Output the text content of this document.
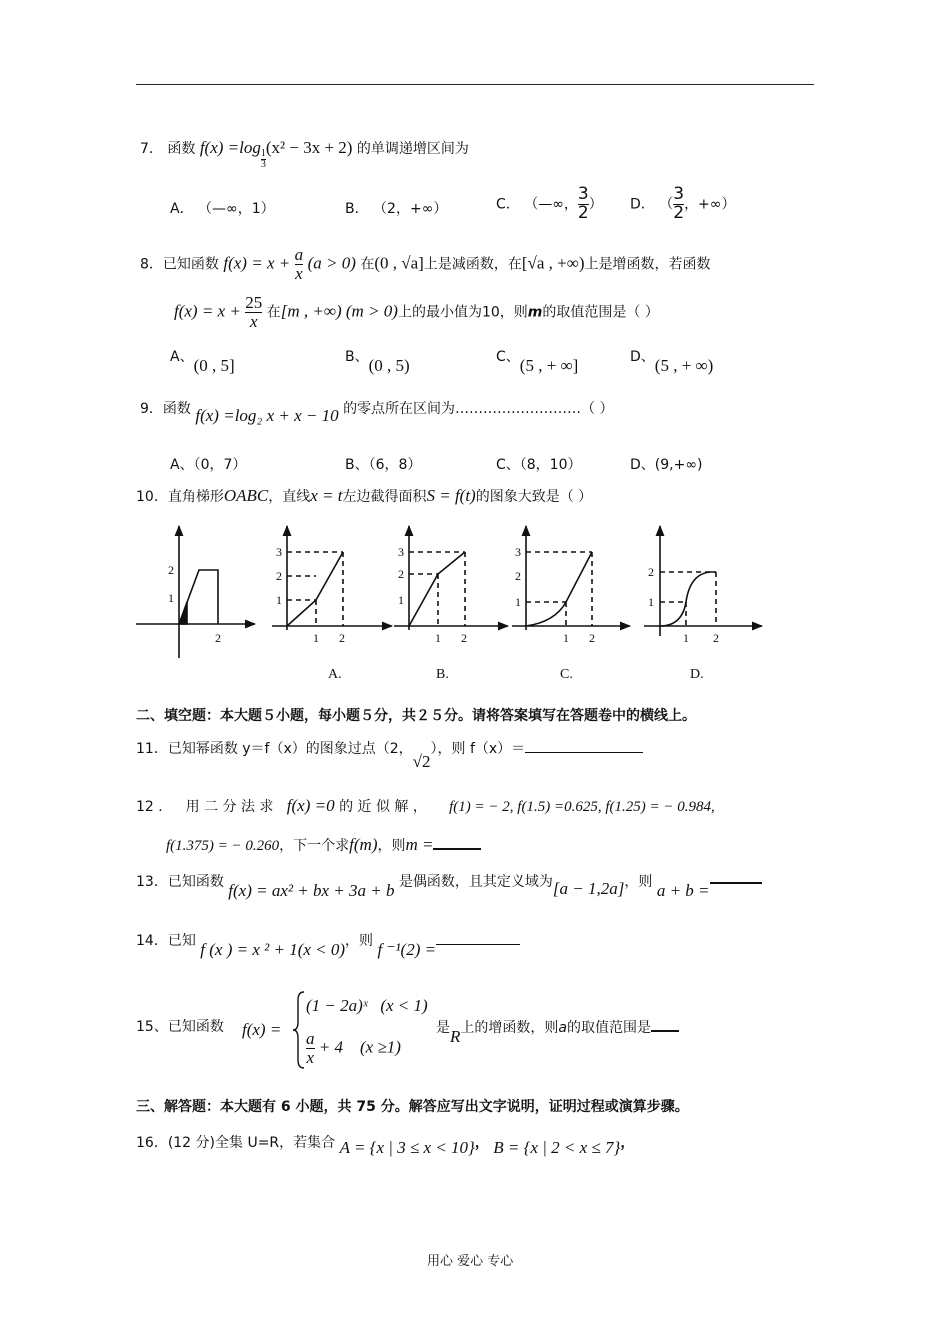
7． 函数 f(x) =log
$\frac{1}{3}$
(x² − 3x + 2) 的单调递增区间为
A． （—∞，1）	B． （2，+∞）	C． （—∞， $\frac{3}{2}$ ） D． （ $\frac{3}{2}$ ，+∞）
8．已知函数 $f(x) = x + \frac{a}{x} (a > 0)$ 在(0 , √a]上是减函数，在[√a , +∞)上是增函数，若函数
$f(x) = x + \frac{25}{x}$ 在[m , +∞) (m > 0)上的最小值为10，则m的取值范围是（ ）
A、(0 , 5]	B、(0 , 5)	C、(5 , + ∞]	D、(5 , + ∞)
9．函数 f(x) =log₂ x + x − 10 的零点所在区间为………………………（ ）
A、（0，7）	B、（6，8）	C、（8，10）	D、(9,+∞)
10．直角梯形OABC，直线x = t左边截得面积S = f(t)的图象大致是（ ）
2
1
2
3
2
1
1 2
A.
3
2
1
1 2
B.
3
2
1
1 2
C.
2
1
1 2
D.
二、填空题：本大题５小题，每小题５分，共２５分。请将答案填写在答题卷中的横线上。
11．已知幂函数 y＝f（x）的图象过点（2，√2），则 f（x）＝
12 ． 用 二 分 法 求 f(x) =0 的 近 似 解 ， f(1) = − 2, f(1.5) =0.625, f(1.25) = − 0.984,
f(1.375) = − 0.260，下一个求f(m)，则m =
13．已知函数 f(x) = ax² + bx + 3a + b 是偶函数，且其定义域为[a − 1,2a]，则 a + b =
14．已知 f (x ) = x ² + 1(x < 0)，则 f ⁻¹(2) =
15、已知函数 f(x) =
(1 − 2a)ˣ (x < 1)
$\frac{a}{x} + 4$ (x ≥1)
是R上的增函数，则a的取值范围是
三、解答题：本大题有 6 小题，共 75 分。解答应写出文字说明，证明过程或演算步骤。
16．(12 分)全集 U=R，若集合 A = {x | 3 ≤ x < 10}， B = {x | 2 < x ≤ 7}，
用心 爱心 专心
